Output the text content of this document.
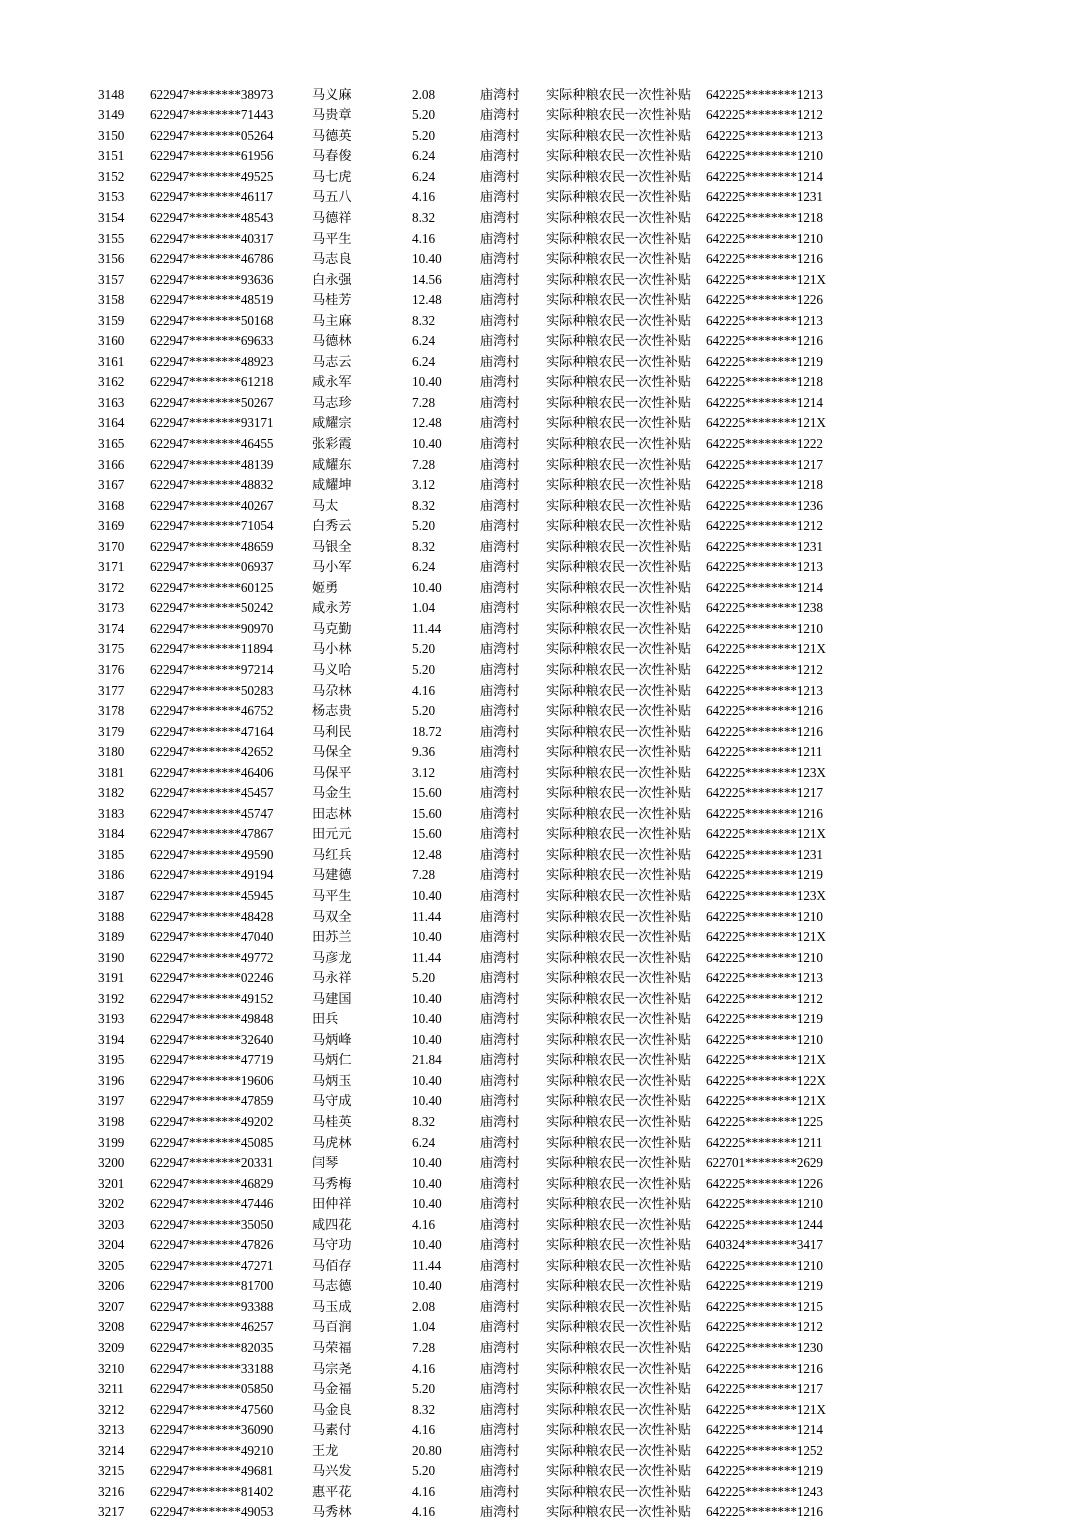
3148	622947********38973	马义麻	2.08	庙湾村	实际种粮农民一次性补贴	642225********1213
3149	622947********71443	马贵章	5.20	庙湾村	实际种粮农民一次性补贴	642225********1212
3150	622947********05264	马德英	5.20	庙湾村	实际种粮农民一次性补贴	642225********1213
3151	622947********61956	马春俊	6.24	庙湾村	实际种粮农民一次性补贴	642225********1210
3152	622947********49525	马七虎	6.24	庙湾村	实际种粮农民一次性补贴	642225********1214
3153	622947********46117	马五八	4.16	庙湾村	实际种粮农民一次性补贴	642225********1231
3154	622947********48543	马德祥	8.32	庙湾村	实际种粮农民一次性补贴	642225********1218
3155	622947********40317	马平生	4.16	庙湾村	实际种粮农民一次性补贴	642225********1210
3156	622947********46786	马志良	10.40	庙湾村	实际种粮农民一次性补贴	642225********1216
3157	622947********93636	白永强	14.56	庙湾村	实际种粮农民一次性补贴	642225********121X
3158	622947********48519	马桂芳	12.48	庙湾村	实际种粮农民一次性补贴	642225********1226
3159	622947********50168	马主麻	8.32	庙湾村	实际种粮农民一次性补贴	642225********1213
3160	622947********69633	马德林	6.24	庙湾村	实际种粮农民一次性补贴	642225********1216
3161	622947********48923	马志云	6.24	庙湾村	实际种粮农民一次性补贴	642225********1219
3162	622947********61218	咸永军	10.40	庙湾村	实际种粮农民一次性补贴	642225********1218
3163	622947********50267	马志珍	7.28	庙湾村	实际种粮农民一次性补贴	642225********1214
3164	622947********93171	咸耀宗	12.48	庙湾村	实际种粮农民一次性补贴	642225********121X
3165	622947********46455	张彩霞	10.40	庙湾村	实际种粮农民一次性补贴	642225********1222
3166	622947********48139	咸耀东	7.28	庙湾村	实际种粮农民一次性补贴	642225********1217
3167	622947********48832	咸耀坤	3.12	庙湾村	实际种粮农民一次性补贴	642225********1218
3168	622947********40267	马太	8.32	庙湾村	实际种粮农民一次性补贴	642225********1236
3169	622947********71054	白秀云	5.20	庙湾村	实际种粮农民一次性补贴	642225********1212
3170	622947********48659	马银全	8.32	庙湾村	实际种粮农民一次性补贴	642225********1231
3171	622947********06937	马小军	6.24	庙湾村	实际种粮农民一次性补贴	642225********1213
3172	622947********60125	姬勇	10.40	庙湾村	实际种粮农民一次性补贴	642225********1214
3173	622947********50242	咸永芳	1.04	庙湾村	实际种粮农民一次性补贴	642225********1238
3174	622947********90970	马克勤	11.44	庙湾村	实际种粮农民一次性补贴	642225********1210
3175	622947********11894	马小林	5.20	庙湾村	实际种粮农民一次性补贴	642225********121X
3176	622947********97214	马义哈	5.20	庙湾村	实际种粮农民一次性补贴	642225********1212
3177	622947********50283	马尕林	4.16	庙湾村	实际种粮农民一次性补贴	642225********1213
3178	622947********46752	杨志贵	5.20	庙湾村	实际种粮农民一次性补贴	642225********1216
3179	622947********47164	马利民	18.72	庙湾村	实际种粮农民一次性补贴	642225********1216
3180	622947********42652	马保全	9.36	庙湾村	实际种粮农民一次性补贴	642225********1211
3181	622947********46406	马保平	3.12	庙湾村	实际种粮农民一次性补贴	642225********123X
3182	622947********45457	马金生	15.60	庙湾村	实际种粮农民一次性补贴	642225********1217
3183	622947********45747	田志林	15.60	庙湾村	实际种粮农民一次性补贴	642225********1216
3184	622947********47867	田元元	15.60	庙湾村	实际种粮农民一次性补贴	642225********121X
3185	622947********49590	马红兵	12.48	庙湾村	实际种粮农民一次性补贴	642225********1231
3186	622947********49194	马建德	7.28	庙湾村	实际种粮农民一次性补贴	642225********1219
3187	622947********45945	马平生	10.40	庙湾村	实际种粮农民一次性补贴	642225********123X
3188	622947********48428	马双全	11.44	庙湾村	实际种粮农民一次性补贴	642225********1210
3189	622947********47040	田苏兰	10.40	庙湾村	实际种粮农民一次性补贴	642225********121X
3190	622947********49772	马彦龙	11.44	庙湾村	实际种粮农民一次性补贴	642225********1210
3191	622947********02246	马永祥	5.20	庙湾村	实际种粮农民一次性补贴	642225********1213
3192	622947********49152	马建国	10.40	庙湾村	实际种粮农民一次性补贴	642225********1212
3193	622947********49848	田兵	10.40	庙湾村	实际种粮农民一次性补贴	642225********1219
3194	622947********32640	马炳峰	10.40	庙湾村	实际种粮农民一次性补贴	642225********1210
3195	622947********47719	马炳仁	21.84	庙湾村	实际种粮农民一次性补贴	642225********121X
3196	622947********19606	马炳玉	10.40	庙湾村	实际种粮农民一次性补贴	642225********122X
3197	622947********47859	马守成	10.40	庙湾村	实际种粮农民一次性补贴	642225********121X
3198	622947********49202	马桂英	8.32	庙湾村	实际种粮农民一次性补贴	642225********1225
3199	622947********45085	马虎林	6.24	庙湾村	实际种粮农民一次性补贴	642225********1211
3200	622947********20331	闫琴	10.40	庙湾村	实际种粮农民一次性补贴	622701********2629
3201	622947********46829	马秀梅	10.40	庙湾村	实际种粮农民一次性补贴	642225********1226
3202	622947********47446	田仲祥	10.40	庙湾村	实际种粮农民一次性补贴	642225********1210
3203	622947********35050	咸四花	4.16	庙湾村	实际种粮农民一次性补贴	642225********1244
3204	622947********47826	马守功	10.40	庙湾村	实际种粮农民一次性补贴	640324********3417
3205	622947********47271	马佰存	11.44	庙湾村	实际种粮农民一次性补贴	642225********1210
3206	622947********81700	马志德	10.40	庙湾村	实际种粮农民一次性补贴	642225********1219
3207	622947********93388	马玉成	2.08	庙湾村	实际种粮农民一次性补贴	642225********1215
3208	622947********46257	马百润	1.04	庙湾村	实际种粮农民一次性补贴	642225********1212
3209	622947********82035	马荣福	7.28	庙湾村	实际种粮农民一次性补贴	642225********1230
3210	622947********33188	马宗尧	4.16	庙湾村	实际种粮农民一次性补贴	642225********1216
3211	622947********05850	马金福	5.20	庙湾村	实际种粮农民一次性补贴	642225********1217
3212	622947********47560	马金良	8.32	庙湾村	实际种粮农民一次性补贴	642225********121X
3213	622947********36090	马素付	4.16	庙湾村	实际种粮农民一次性补贴	642225********1214
3214	622947********49210	王龙	20.80	庙湾村	实际种粮农民一次性补贴	642225********1252
3215	622947********49681	马兴发	5.20	庙湾村	实际种粮农民一次性补贴	642225********1219
3216	622947********81402	惠平花	4.16	庙湾村	实际种粮农民一次性补贴	642225********1243
3217	622947********49053	马秀林	4.16	庙湾村	实际种粮农民一次性补贴	642225********1216
